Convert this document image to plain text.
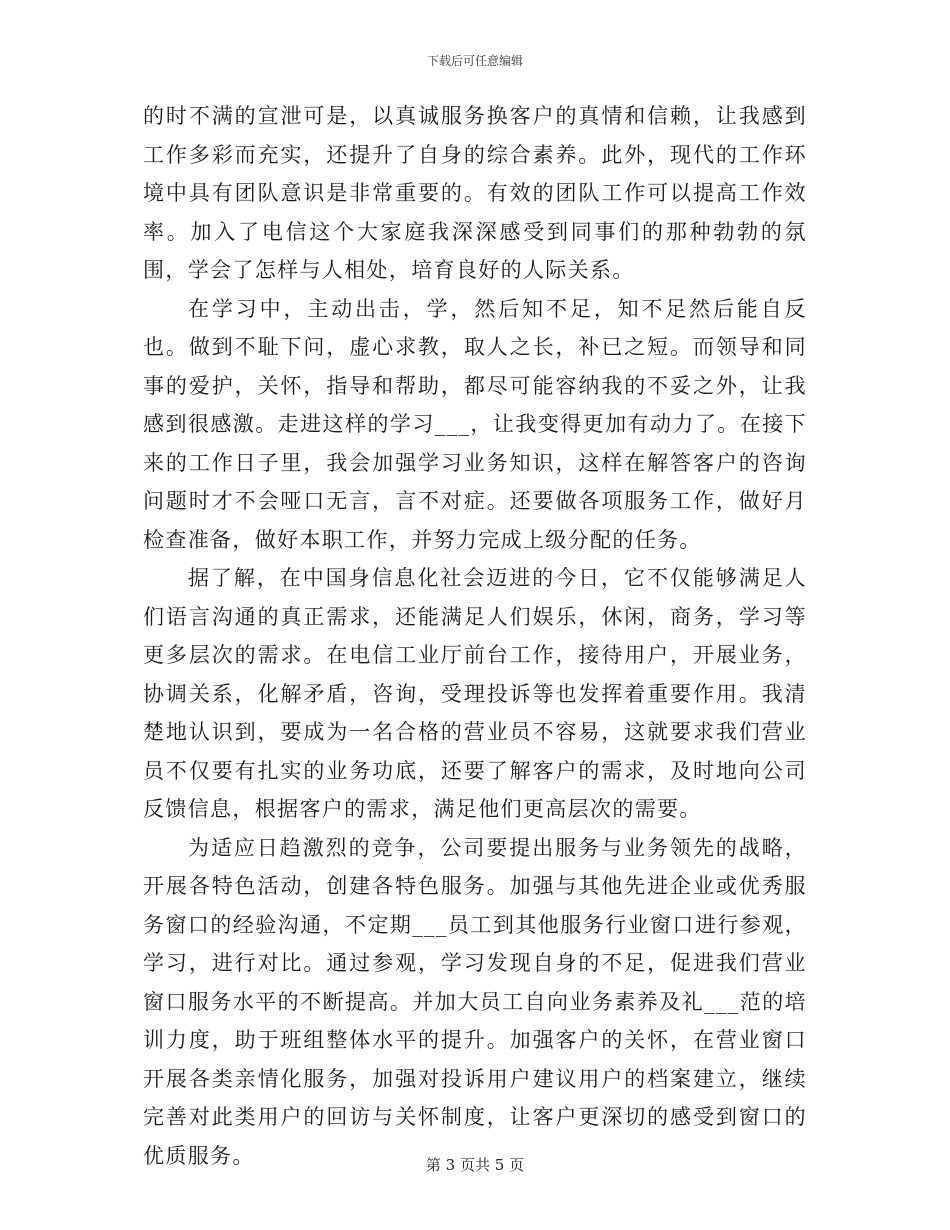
下载后可任意编辑

的时不满的宣泄可是，以真诚服务换客户的真情和信赖，让我感到工作多彩而充实，还提升了自身的综合素养。此外，现代的工作环境中具有团队意识是非常重要的。有效的团队工作可以提高工作效率。加入了电信这个大家庭我深深感受到同事们的那种勃勃的氛围，学会了怎样与人相处，培育良好的人际关系。

在学习中，主动出击，学，然后知不足，知不足然后能自反也。做到不耻下问，虚心求教，取人之长，补已之短。而领导和同事的爱护，关怀，指导和帮助，都尽可能容纳我的不妥之外，让我感到很感激。走进这样的学习___，让我变得更加有动力了。在接下来的工作日子里，我会加强学习业务知识，这样在解答客户的咨询问题时才不会哑口无言，言不对症。还要做各项服务工作，做好月检查准备，做好本职工作，并努力完成上级分配的任务。

据了解，在中国身信息化社会迈进的今日，它不仅能够满足人们语言沟通的真正需求，还能满足人们娱乐，休闲，商务，学习等更多层次的需求。在电信工业厅前台工作，接待用户，开展业务，协调关系，化解矛盾，咨询，受理投诉等也发挥着重要作用。我清楚地认识到，要成为一名合格的营业员不容易，这就要求我们营业员不仅要有扎实的业务功底，还要了解客户的需求，及时地向公司反馈信息，根据客户的需求，满足他们更高层次的需要。

为适应日趋激烈的竞争，公司要提出服务与业务领先的战略，开展各特色活动，创建各特色服务。加强与其他先进企业或优秀服务窗口的经验沟通，不定期___员工到其他服务行业窗口进行参观，学习，进行对比。通过参观，学习发现自身的不足，促进我们营业窗口服务水平的不断提高。并加大员工自向业务素养及礼___范的培训力度，助于班组整体水平的提升。加强客户的关怀，在营业窗口开展各类亲情化服务，加强对投诉用户建议用户的档案建立，继续完善对此类用户的回访与关怀制度，让客户更深切的感受到窗口的优质服务。	第 3 页共 5 页
